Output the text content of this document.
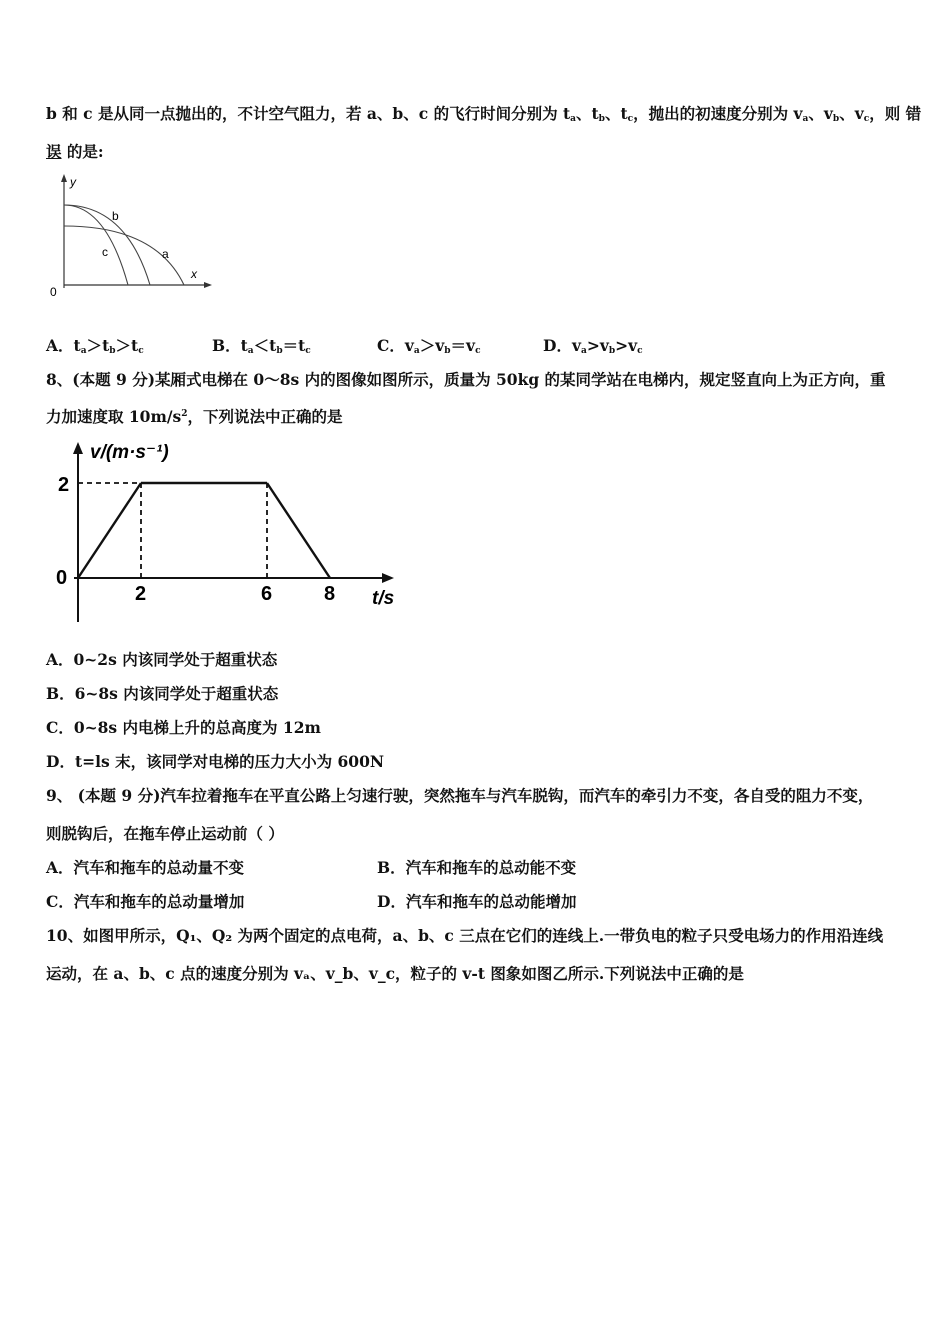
b 和 c 是从同一点抛出的，不计空气阻力，若 a、b、c 的飞行时间分别为 $t_a$、$t_b$、$t_c$，抛出的初速度分别为 $v_a$、$v_b$、$v_c$，则 错
误 的是:
y
x
0
b
c	a
A．$t_a>t_b>t_c$	B．$t_a<t_b=t_c$	C．$v_a>v_b=v_c$	D．$v_a>v_b>v_c$
8、(本题 9 分)某厢式电梯在 0～8s 内的图像如图所示，质量为 50kg 的某同学站在电梯内，规定竖直向上为正方向，重
力加速度取 $10m/s^2$，下列说法中正确的是
v/(m·s⁻¹)
t/s
0
2	6	8
2
A．0~2s 内该同学处于超重状态
B．6~8s 内该同学处于超重状态
C．0~8s 内电梯上升的总高度为 12m
D．t=ls 末，该同学对电梯的压力大小为 600N
9、 (本题 9 分)汽车拉着拖车在平直公路上匀速行驶，突然拖车与汽车脱钩，而汽车的牵引力不变，各自受的阻力不变，
则脱钩后，在拖车停止运动前（ ）
A．汽车和拖车的总动量不变	B．汽车和拖车的总动能不变
C．汽车和拖车的总动量增加	D．汽车和拖车的总动能增加
10、如图甲所示，Q₁、Q₂ 为两个固定的点电荷，a、b、c 三点在它们的连线上.一带负电的粒子只受电场力的作用沿连线
运动，在 a、b、c 点的速度分别为 vₐ、v_b、v_c，粒子的 v-t 图象如图乙所示.下列说法中正确的是
